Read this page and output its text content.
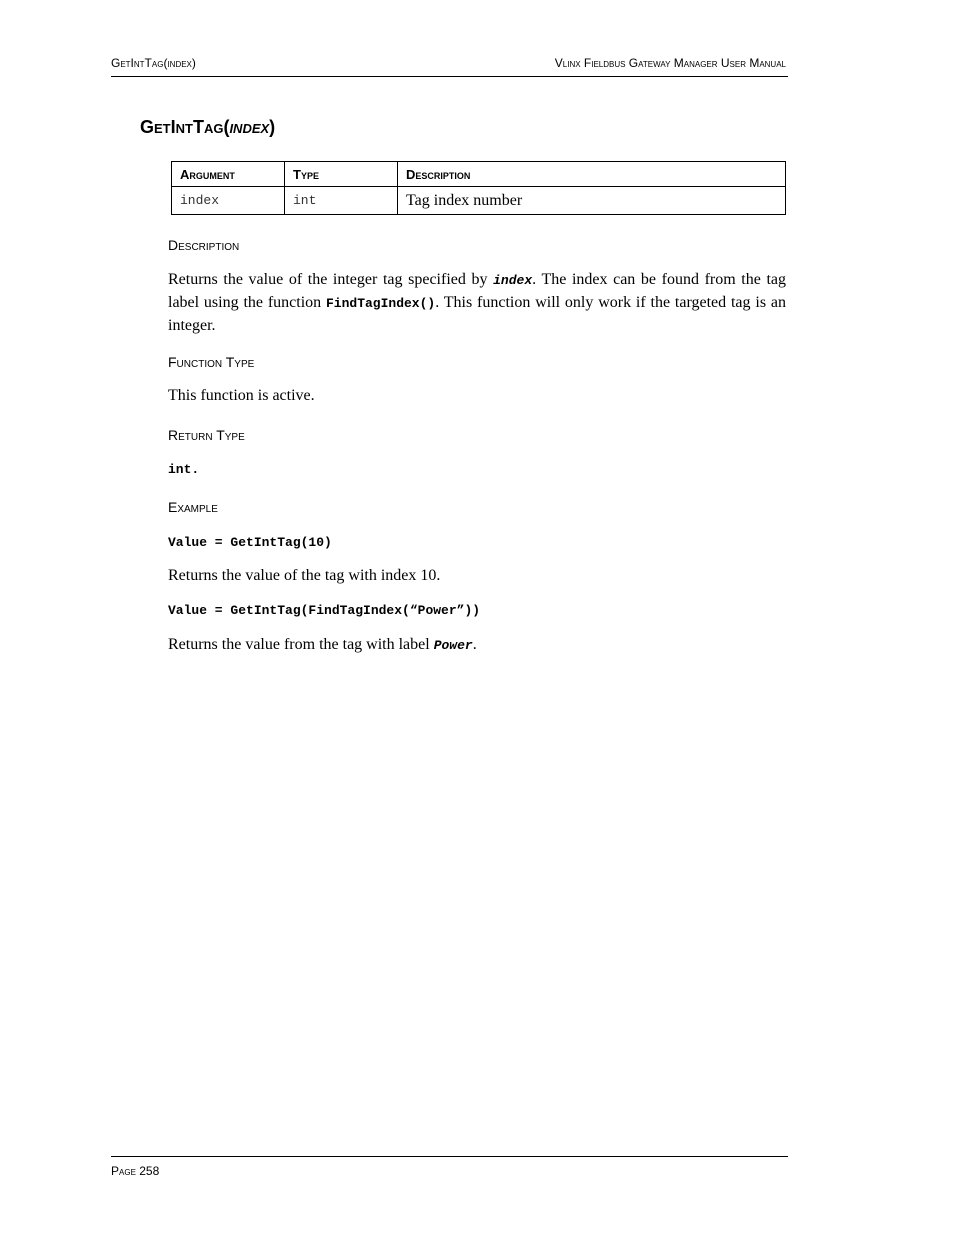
GetIntTag(index)	Vlinx Fieldbus Gateway Manager User Manual
GetIntTag(index)
Argument	Type	Description
index	int	Tag index number
Description

Returns the value of the integer tag specified by index. The index can be found from the tag label using the function FindTagIndex(). This function will only work if the targeted tag is an integer.

Function Type

This function is active.

Return Type

int.

Example

Value = GetIntTag(10)

Returns the value of the tag with index 10.

Value = GetIntTag(FindTagIndex(“Power”))

Returns the value from the tag with label Power.

Page 258
